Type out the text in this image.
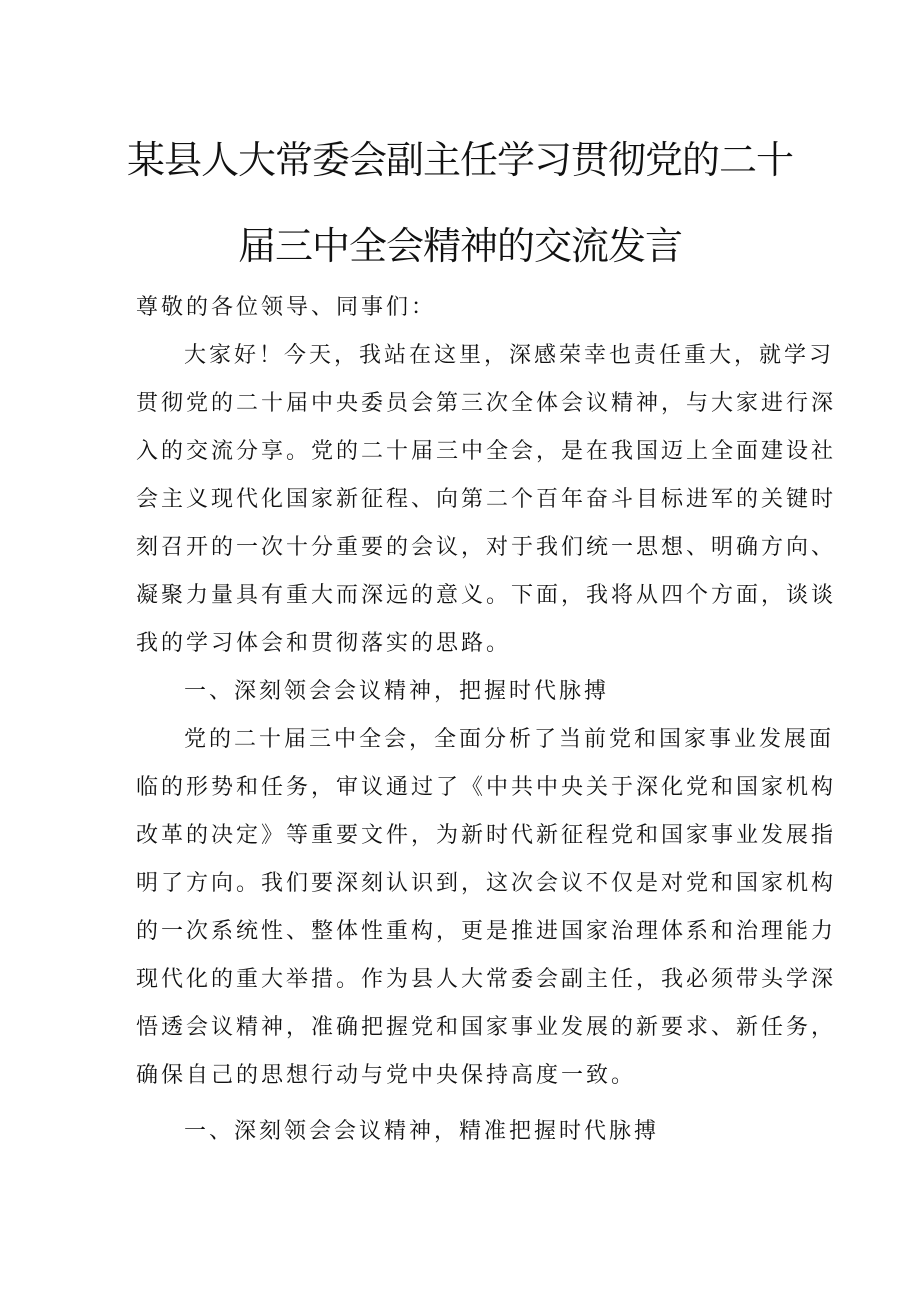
某县人大常委会副主任学习贯彻党的二十
届三中全会精神的交流发言
尊敬的各位领导、同事们：
大家好！今天，我站在这里，深感荣幸也责任重大，就学习
贯彻党的二十届中央委员会第三次全体会议精神，与大家进行深
入的交流分享。党的二十届三中全会，是在我国迈上全面建设社
会主义现代化国家新征程、向第二个百年奋斗目标进军的关键时
刻召开的一次十分重要的会议，对于我们统一思想、明确方向、
凝聚力量具有重大而深远的意义。下面，我将从四个方面，谈谈
我的学习体会和贯彻落实的思路。
一、深刻领会会议精神，把握时代脉搏
党的二十届三中全会，全面分析了当前党和国家事业发展面
临的形势和任务，审议通过了《中共中央关于深化党和国家机构
改革的决定》等重要文件，为新时代新征程党和国家事业发展指
明了方向。我们要深刻认识到，这次会议不仅是对党和国家机构
的一次系统性、整体性重构，更是推进国家治理体系和治理能力
现代化的重大举措。作为县人大常委会副主任，我必须带头学深
悟透会议精神，准确把握党和国家事业发展的新要求、新任务，
确保自己的思想行动与党中央保持高度一致。
一、深刻领会会议精神，精准把握时代脉搏
